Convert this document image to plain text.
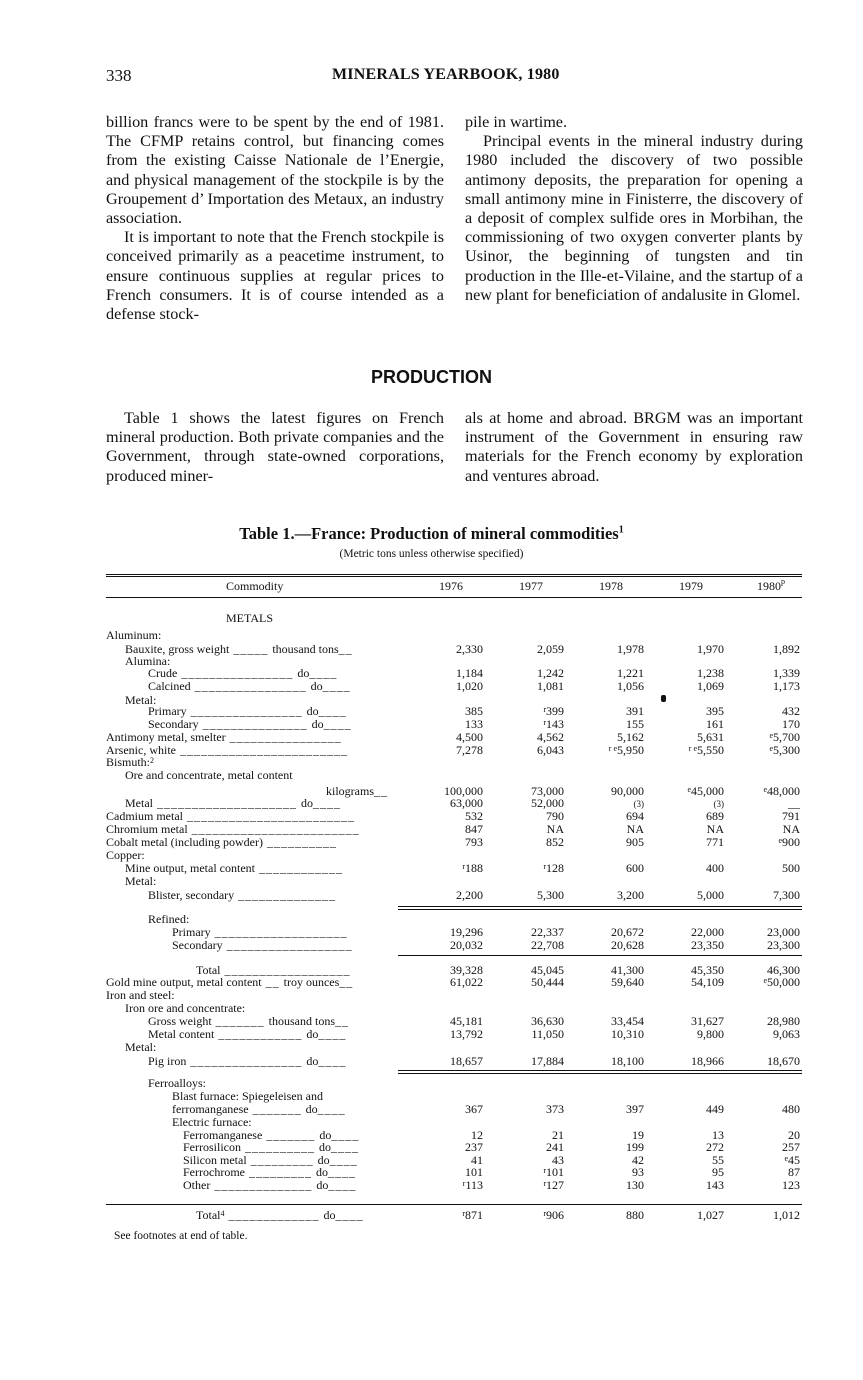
338	MINERALS YEARBOOK, 1980

billion francs were to be spent by the end of 1981. The CFMP retains control, but financing comes from the existing Caisse Nationale de l’Energie, and physical management of the stockpile is by the Groupement d’ Importation des Metaux, an industry association.

It is important to note that the French stockpile is conceived primarily as a peacetime instrument, to ensure continuous supplies at regular prices to French consumers. It is of course intended as a defense stock-

pile in wartime.

Principal events in the mineral industry during 1980 included the discovery of two possible antimony deposits, the preparation for opening a small antimony mine in Finisterre, the discovery of a deposit of complex sulfide ores in Morbihan, the commissioning of two oxygen converter plants by Usinor, the beginning of tungsten and tin production in the Ille-et-Vilaine, and the startup of a new plant for beneficiation of andalusite in Glomel.

PRODUCTION

Table 1 shows the latest figures on French mineral production. Both private companies and the Government, through state-owned corporations, produced miner-

als at home and abroad. BRGM was an important instrument of the Government in ensuring raw materials for the French economy by exploration and ventures abroad.

Table 1.—France: Production of mineral commodities$^1$
(Metric tons unless otherwise specified)
Commodity	1976	1977	1978	1979	1980$^p$
METALS
Aluminum:
Bauxite, gross weight _____ thousand tons__	2,330	2,059	1,978	1,970	1,892
Alumina:
Crude ________________ do____	1,184	1,242	1,221	1,238	1,339
Calcined ________________ do____	1,020	1,081	1,056	1,069	1,173
Metal:
Primary ________________ do____	385	$^r$399	391	395	432
Secondary _______________ do____	133	$^r$143	155	161	170
Antimony metal, smelter ________________	4,500	4,562	5,162	5,631	$^e$5,700
Arsenic, white ________________________	7,278	6,043	$^{r e}$5,950	$^{r e}$5,550	$^e$5,300
Bismuth:$^2$
Ore and concentrate, metal content
kilograms__	100,000	73,000	90,000	$^e$45,000	$^e$48,000
Metal ____________________ do____	63,000	52,000	(3)	(3)	__
Cadmium metal ________________________	532	790	694	689	791
Chromium metal ________________________	847	NA	NA	NA	NA
Cobalt metal (including powder) __________	793	852	905	771	$^e$900
Copper:
Mine output, metal content ____________	$^r$188	$^r$128	600	400	500
Metal:
Blister, secondary ______________	2,200	5,300	3,200	5,000	7,300
Refined:
Primary ___________________	19,296	22,337	20,672	22,000	23,000
Secondary __________________	20,032	22,708	20,628	23,350	23,300
Total __________________	39,328	45,045	41,300	45,350	46,300
Gold mine output, metal content __ troy ounces__	61,022	50,444	59,640	54,109	$^e$50,000
Iron and steel:
Iron ore and concentrate:
Gross weight _______ thousand tons__	45,181	36,630	33,454	31,627	28,980
Metal content ____________ do____	13,792	11,050	10,310	9,800	9,063
Metal:
Pig iron ________________ do____	18,657	17,884	18,100	18,966	18,670
Ferroalloys:
Blast furnace: Spiegeleisen and
ferromanganese _______ do____	367	373	397	449	480
Electric furnace:
Ferromanganese _______ do____	12	21	19	13	20
Ferrosilicon __________ do____	237	241	199	272	257
Silicon metal _________ do____	41	43	42	55	$^e$45
Ferrochrome _________ do____	101	$^r$101	93	95	87
Other ______________ do____	$^r$113	$^r$127	130	143	123
Total$^4$ _____________ do____	$^r$871	$^r$906	880	1,027	1,012
See footnotes at end of table.
